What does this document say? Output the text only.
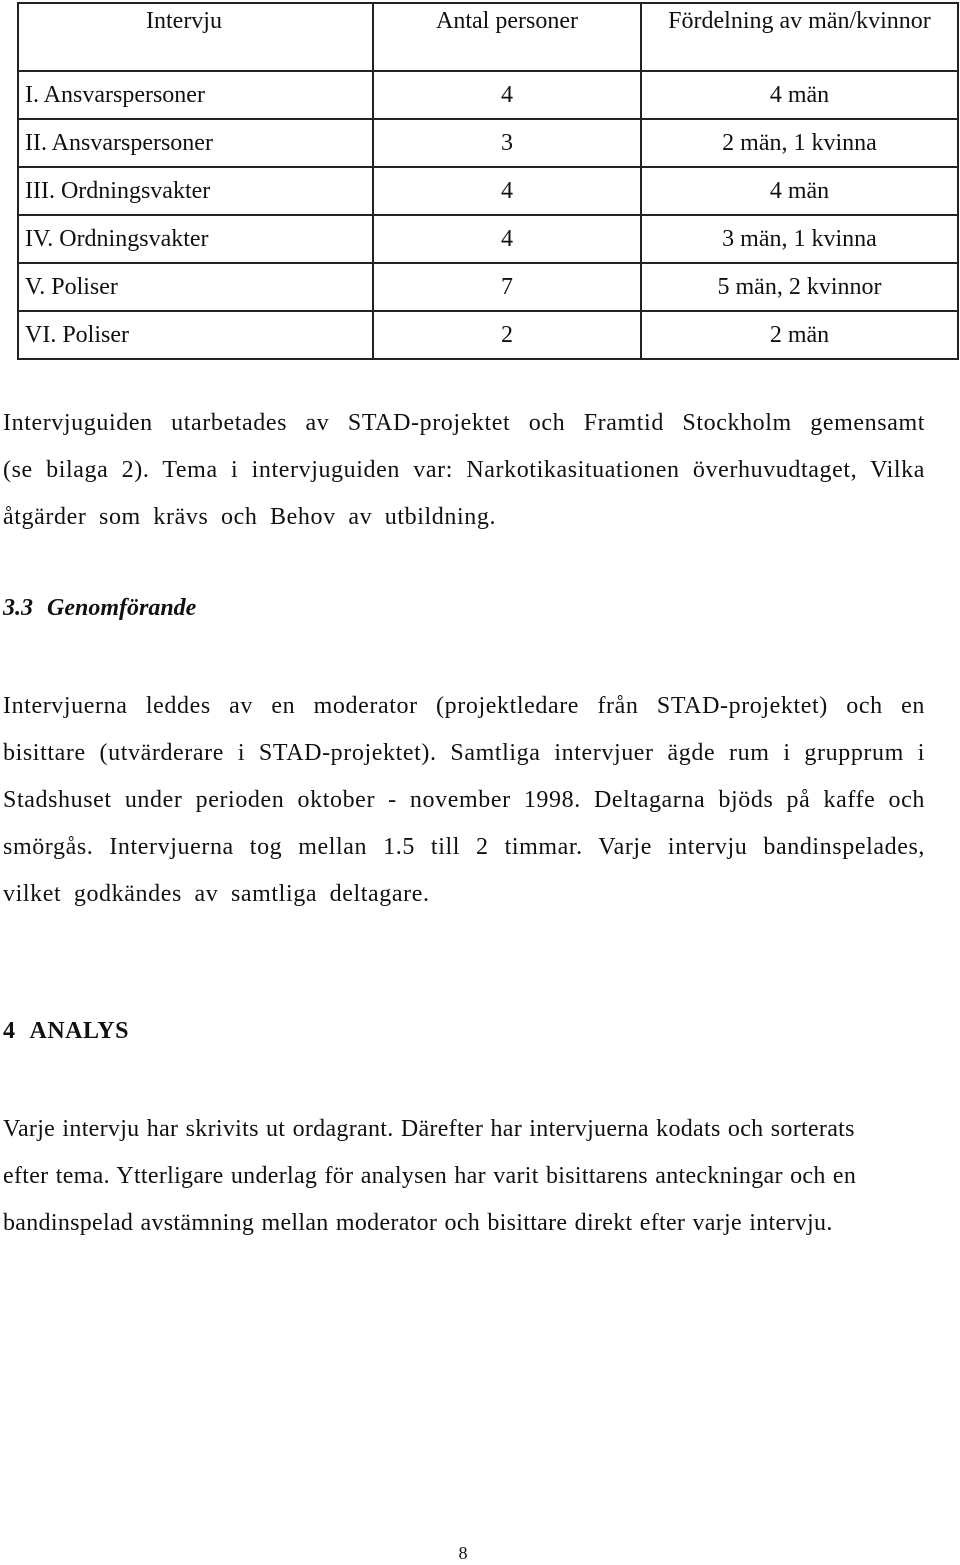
Intervju	Antal personer	Fördelning av män/kvinnor
I. Ansvarspersoner	4	4 män
II. Ansvarspersoner	3	2 män, 1 kvinna
III. Ordningsvakter	4	4 män
IV. Ordningsvakter	4	3 män, 1 kvinna
V. Poliser	7	5 män, 2 kvinnor
VI. Poliser	2	2 män

Intervjuguiden utarbetades av STAD-projektet och Framtid Stockholm gemensamt (se bilaga 2). Tema i intervjuguiden var: Narkotikasituationen överhuvudtaget, Vilka åtgärder som krävs och Behov av utbildning.

3.3 Genomförande

Intervjuerna leddes av en moderator (projektledare från STAD-projektet) och en bisittare (utvärderare i STAD-projektet). Samtliga intervjuer ägde rum i grupprum i Stadshuset under perioden oktober - november 1998. Deltagarna bjöds på kaffe och smörgås. Intervjuerna tog mellan 1.5 till 2 timmar. Varje intervju bandinspelades, vilket godkändes av samtliga deltagare.

4 ANALYS

Varje intervju har skrivits ut ordagrant. Därefter har intervjuerna kodats och sorterats efter tema. Ytterligare underlag för analysen har varit bisittarens anteckningar och en bandinspelad avstämning mellan moderator och bisittare direkt efter varje intervju.

8
